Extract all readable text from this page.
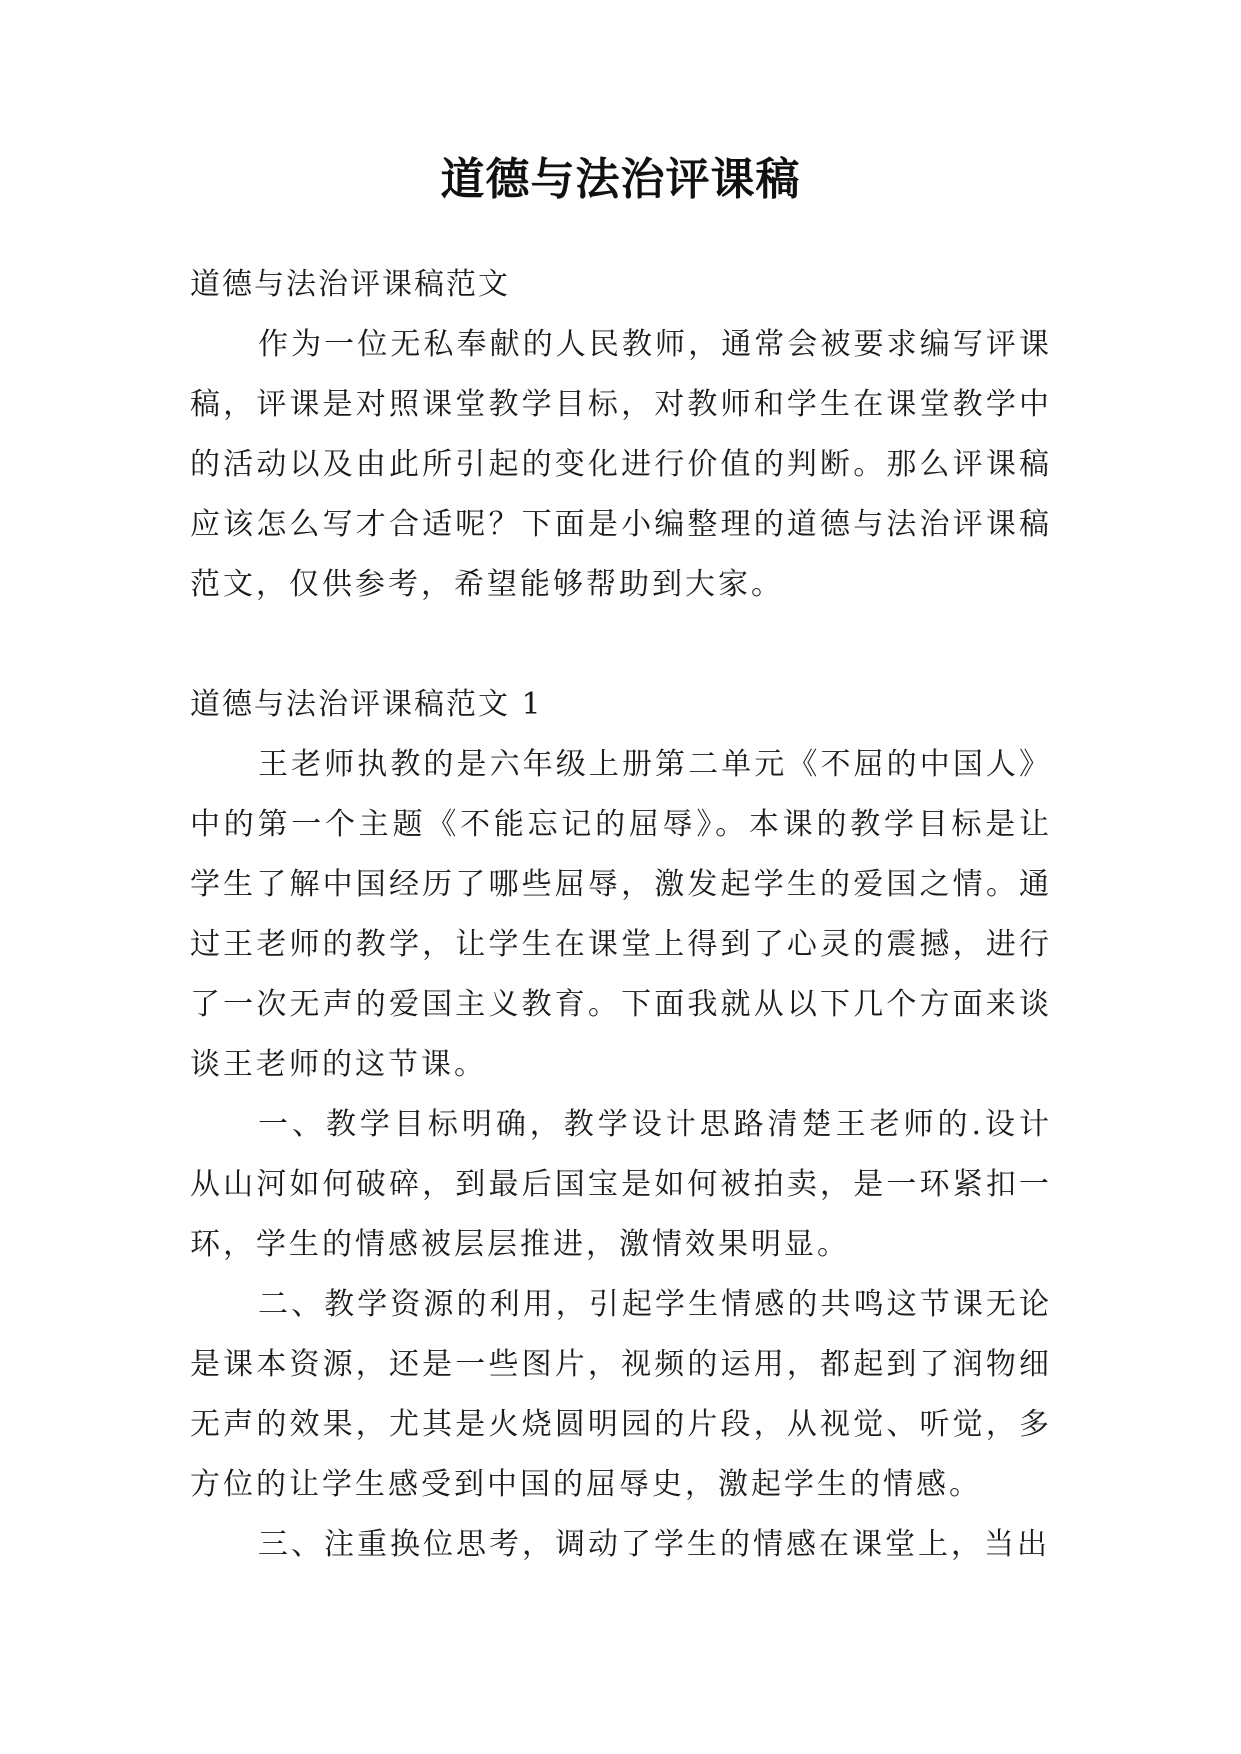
道德与法治评课稿

道德与法治评课稿范文

作为一位无私奉献的人民教师，通常会被要求编写评课稿，评课是对照课堂教学目标，对教师和学生在课堂教学中的活动以及由此所引起的变化进行价值的判断。那么评课稿应该怎么写才合适呢？下面是小编整理的道德与法治评课稿范文，仅供参考，希望能够帮助到大家。

道德与法治评课稿范文 1

王老师执教的是六年级上册第二单元《不屈的中国人》中的第一个主题《不能忘记的屈辱》。本课的教学目标是让学生了解中国经历了哪些屈辱，激发起学生的爱国之情。通过王老师的教学，让学生在课堂上得到了心灵的震撼，进行了一次无声的爱国主义教育。下面我就从以下几个方面来谈谈王老师的这节课。

一、教学目标明确，教学设计思路清楚王老师的.设计从山河如何破碎，到最后国宝是如何被拍卖，是一环紧扣一环，学生的情感被层层推进，激情效果明显。

二、教学资源的利用，引起学生情感的共鸣这节课无论是课本资源，还是一些图片，视频的运用，都起到了润物细无声的效果，尤其是火烧圆明园的片段，从视觉、听觉，多方位的让学生感受到中国的屈辱史，激起学生的情感。

三、注重换位思考，调动了学生的情感在课堂上，当出
